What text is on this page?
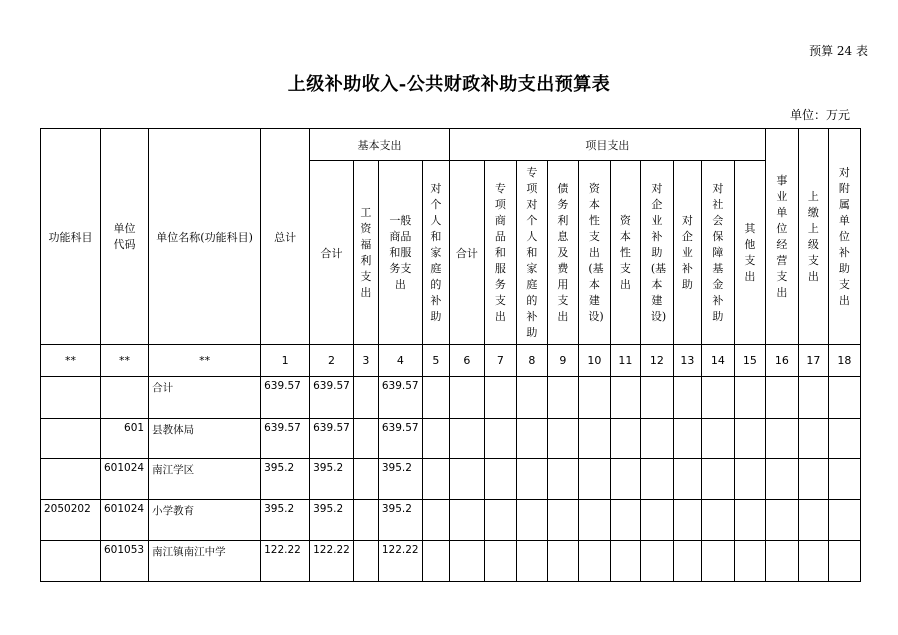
预算 24 表
上级补助收入-公共财政补助支出预算表
单位：万元
功能科目	单位代码	单位名称(功能科目)	总计	基本支出				项目支出										事业单位经营支出	上缴上级支出	对附属单位补助支出
				合计	工资福利支出	一般商品和服务支出	对个人和家庭的补助	合计	专项商品和服务支出	专项对个人和家庭的补助	债务利息及费用支出	资本性支出(基本建设)	资本性支出	对企业补助(基本建设)	对企业补助	对社会保障基金补助	其他支出			
**	**	**	1	2	3	4	5	6	7	8	9	10	11	12	13	14	15	16	17	18
		合计	639.57	639.57		639.57														
	601	县教体局	639.57	639.57		639.57														
	601024	南江学区	395.2	395.2		395.2														
2050202	601024	小学教育	395.2	395.2		395.2														
	601053	南江镇南江中学	122.22	122.22		122.22														
